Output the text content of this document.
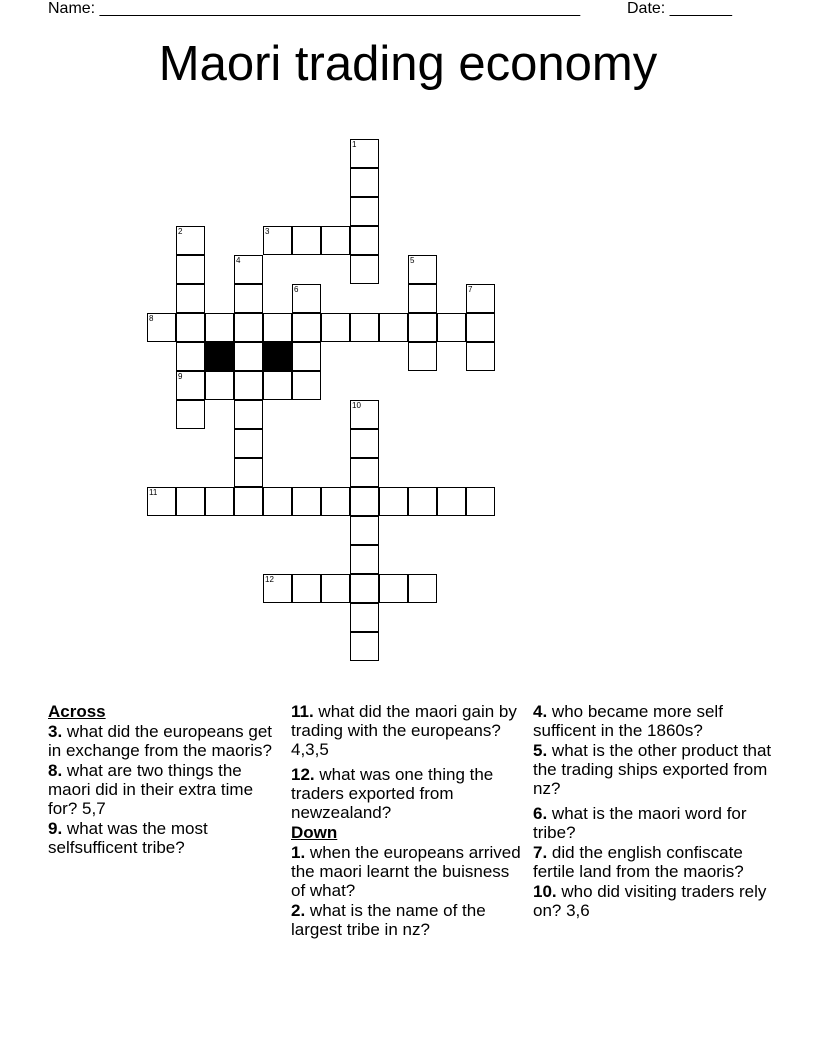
Name: ______________________________________________________	Date: _______
Maori trading economy
1
2
9
3
4	5
6	7
8
10
11
12
Across
3. what did the europeans get in exchange from the maoris?
8. what are two things the maori did in their extra time for? 5,7
9. what was the most selfsufficent tribe?
11. what did the maori gain by trading with the europeans? 4,3,5
12. what was one thing the traders exported from newzealand?
Down
1. when the europeans arrived the maori learnt the buisness of what?
2. what is the name of the largest tribe in nz?
4. who became more self sufficent in the 1860s?
5. what is the other product that the trading ships exported from nz?
6. what is the maori word for tribe?
7. did the english confiscate fertile land from the maoris?
10. who did visiting traders rely on? 3,6
